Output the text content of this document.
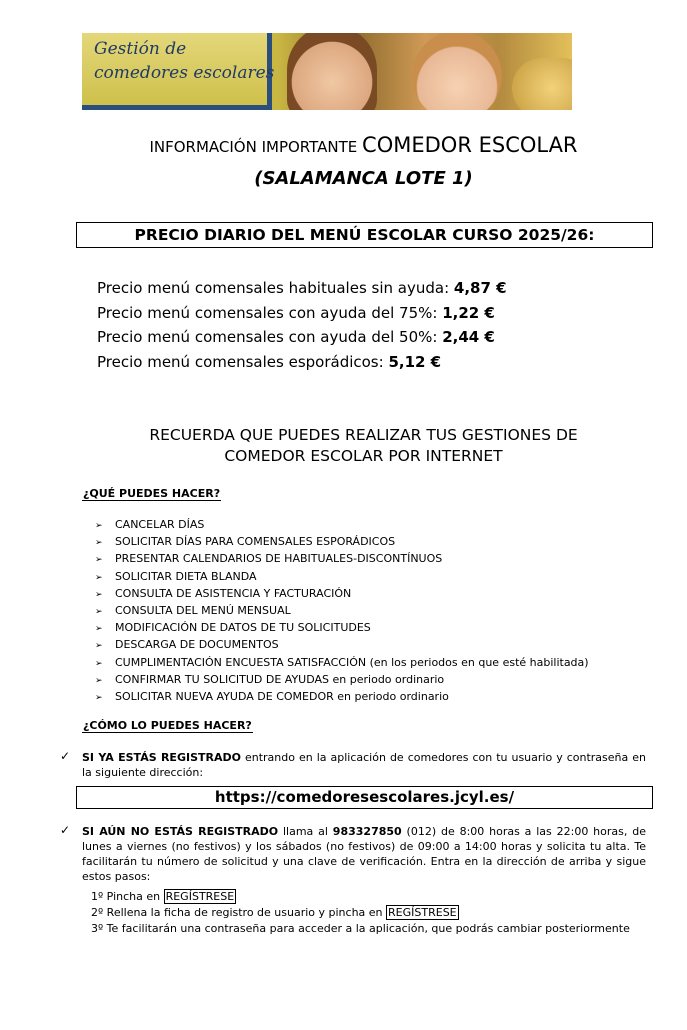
Gestión de
comedores escolares
INFORMACIÓN IMPORTANTE COMEDOR ESCOLAR
(SALAMANCA LOTE 1)
PRECIO DIARIO DEL MENÚ ESCOLAR CURSO 2025/26:
Precio menú comensales habituales sin ayuda: 4,87 €
Precio menú comensales con ayuda del 75%: 1,22 €
Precio menú comensales con ayuda del 50%: 2,44 €
Precio menú comensales esporádicos: 5,12 €
RECUERDA QUE PUEDES REALIZAR TUS GESTIONES DE
COMEDOR ESCOLAR POR INTERNET
¿QUÉ PUEDES HACER?
➢ CANCELAR DÍAS
➢ SOLICITAR DÍAS PARA COMENSALES ESPORÁDICOS
➢ PRESENTAR CALENDARIOS DE HABITUALES-DISCONTÍNUOS
➢ SOLICITAR DIETA BLANDA
➢ CONSULTA DE ASISTENCIA Y FACTURACIÓN
➢ CONSULTA DEL MENÚ MENSUAL
➢ MODIFICACIÓN DE DATOS DE TU SOLICITUDES
➢ DESCARGA DE DOCUMENTOS
➢ CUMPLIMENTACIÓN ENCUESTA SATISFACCIÓN (en los periodos en que esté habilitada)
➢ CONFIRMAR TU SOLICITUD DE AYUDAS en periodo ordinario
➢ SOLICITAR NUEVA AYUDA DE COMEDOR en periodo ordinario
¿CÓMO LO PUEDES HACER?
✓ SI YA ESTÁS REGISTRADO entrando en la aplicación de comedores con tu usuario y contraseña en la siguiente dirección:
https://comedoresescolares.jcyl.es/
✓ SI AÚN NO ESTÁS REGISTRADO llama al 983327850 (012) de 8:00 horas a las 22:00 horas, de lunes a viernes (no festivos) y los sábados (no festivos) de 09:00 a 14:00 horas y solicita tu alta. Te facilitarán tu número de solicitud y una clave de verificación. Entra en la dirección de arriba y sigue estos pasos:
1º Pincha en REGÍSTRESE
2º Rellena la ficha de registro de usuario y pincha en REGÍSTRESE
3º Te facilitarán una contraseña para acceder a la aplicación, que podrás cambiar posteriormente
